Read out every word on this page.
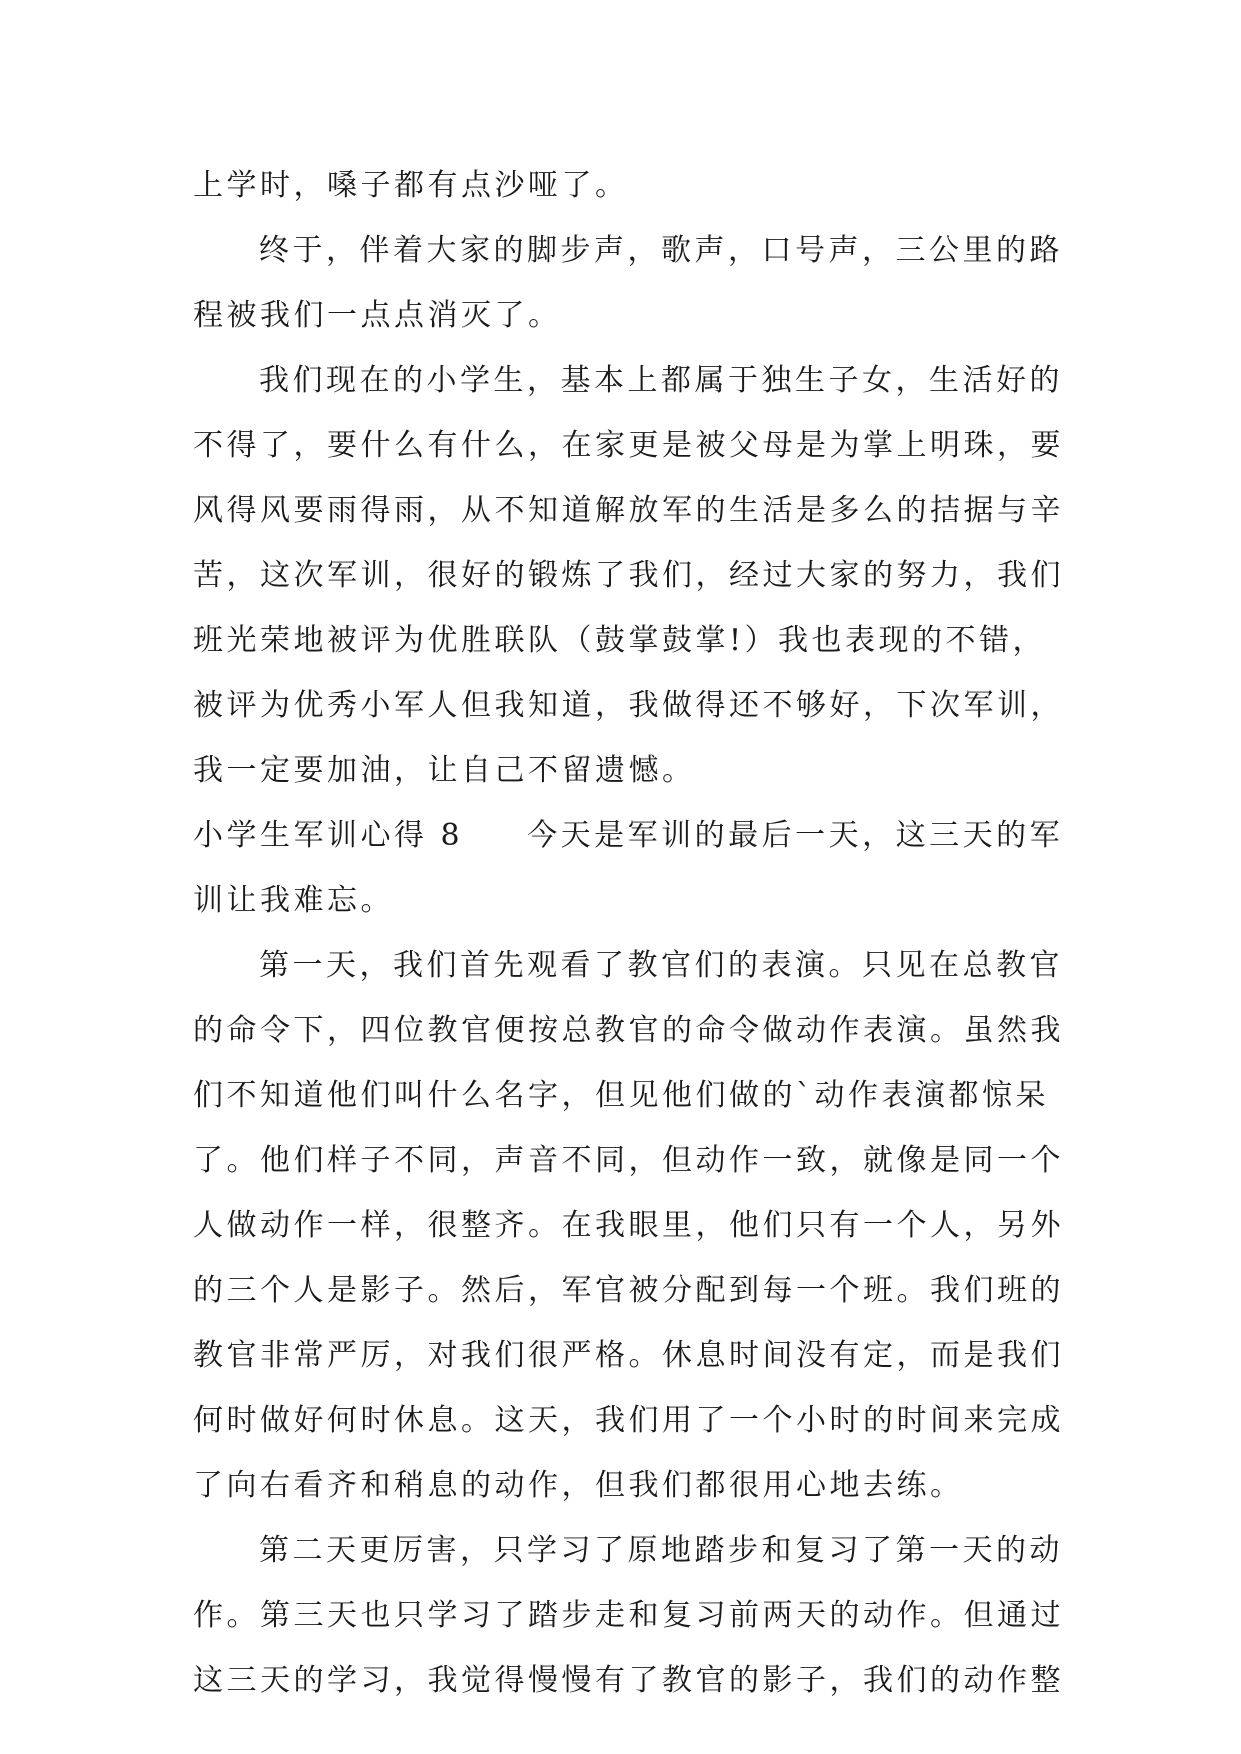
上学时，嗓子都有点沙哑了。
终于，伴着大家的脚步声，歌声，口号声，三公里的路
程被我们一点点消灭了。
我们现在的小学生，基本上都属于独生子女，生活好的
不得了，要什么有什么，在家更是被父母是为掌上明珠，要
风得风要雨得雨，从不知道解放军的生活是多么的拮据与辛
苦，这次军训，很好的锻炼了我们，经过大家的努力，我们
班光荣地被评为优胜联队（鼓掌鼓掌!）我也表现的不错，
被评为优秀小军人但我知道，我做得还不够好，下次军训，
我一定要加油，让自己不留遗憾。
小学生军训心得 8 今天是军训的最后一天，这三天的军
训让我难忘。
第一天，我们首先观看了教官们的表演。只见在总教官
的命令下，四位教官便按总教官的命令做动作表演。虽然我
们不知道他们叫什么名字，但见他们做的`动作表演都惊呆
了。他们样子不同，声音不同，但动作一致，就像是同一个
人做动作一样，很整齐。在我眼里，他们只有一个人，另外
的三个人是影子。然后，军官被分配到每一个班。我们班的
教官非常严厉，对我们很严格。休息时间没有定，而是我们
何时做好何时休息。这天，我们用了一个小时的时间来完成
了向右看齐和稍息的动作，但我们都很用心地去练。
第二天更厉害，只学习了原地踏步和复习了第一天的动
作。第三天也只学习了踏步走和复习前两天的动作。但通过
这三天的学习，我觉得慢慢有了教官的影子，我们的动作整
